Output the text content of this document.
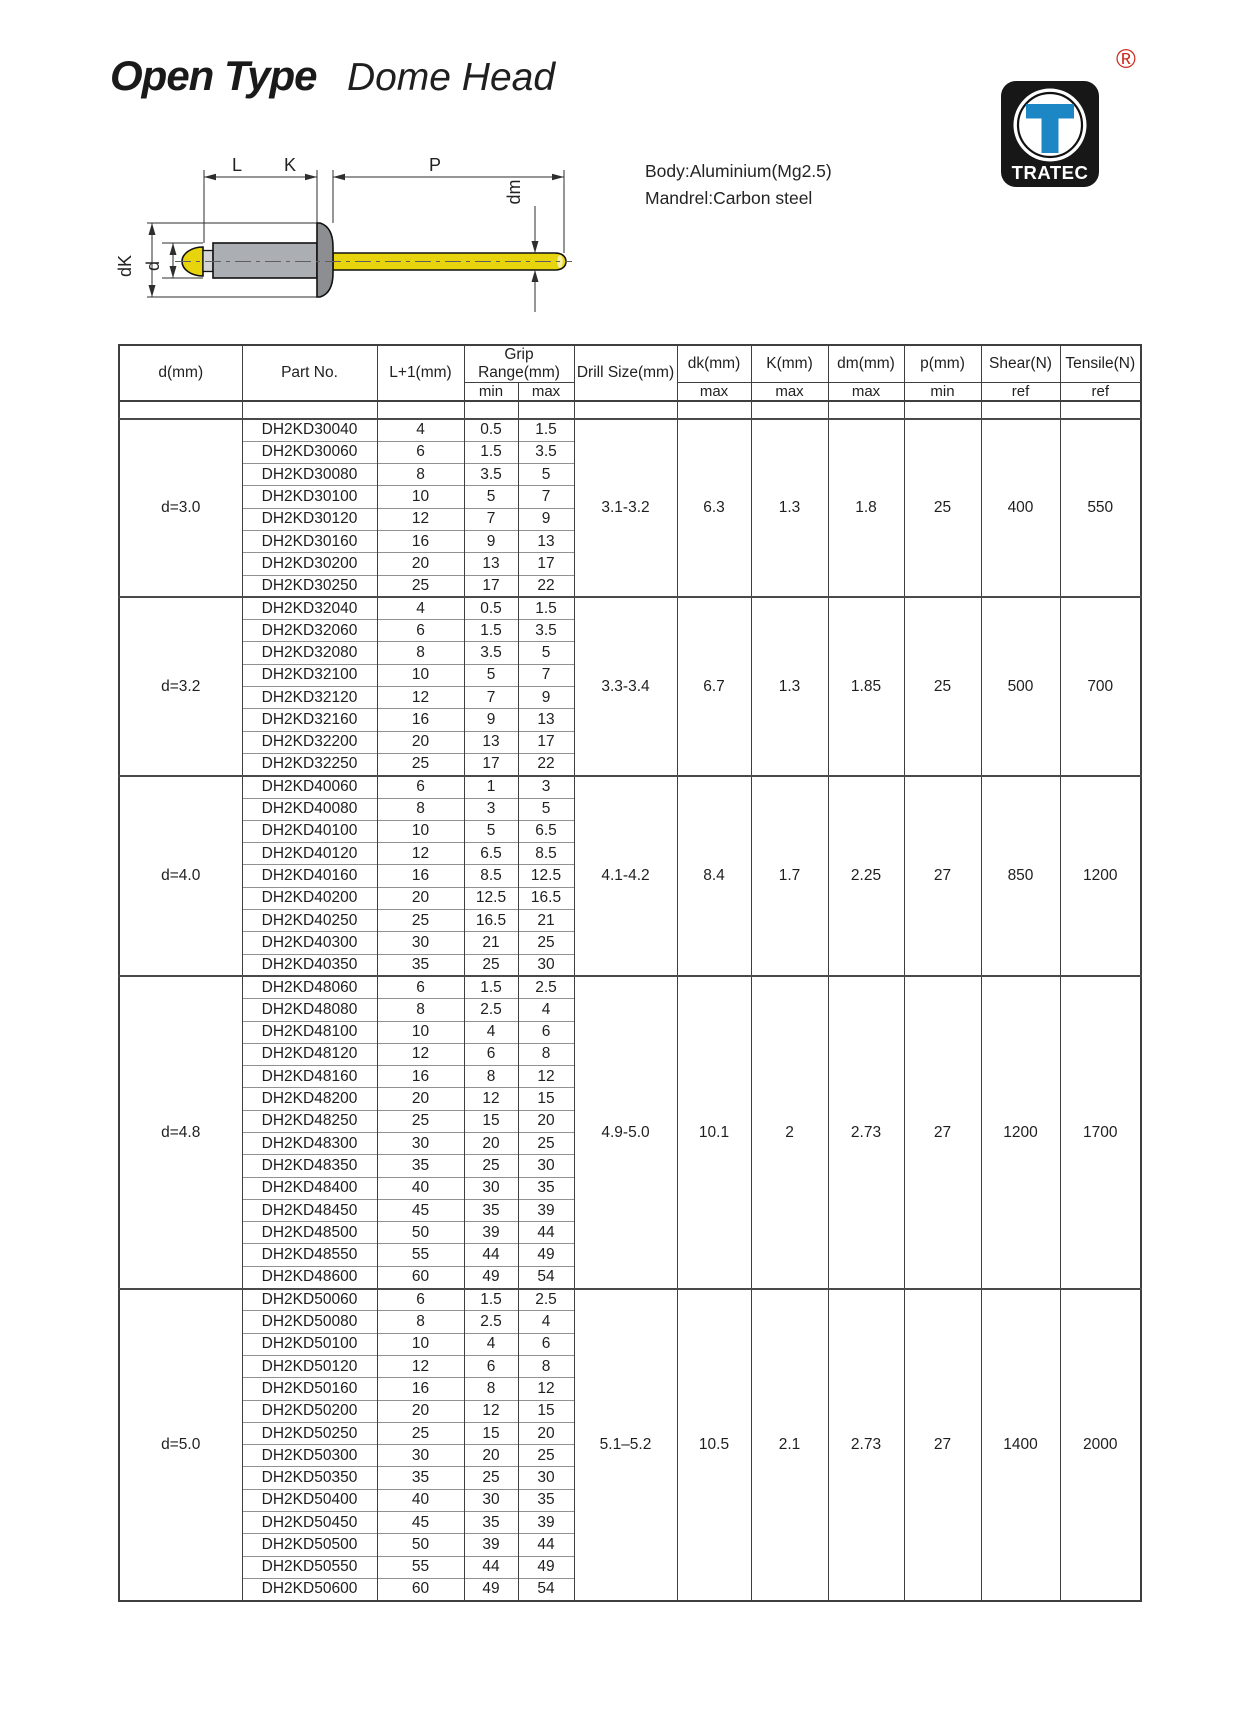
Open Type Dome Head	®
Body:Aluminium(Mg2.5)
Mandrel:Carbon steel
L K	P
dm
dK d
TRATEC
d(mm)	Part No.	L+1(mm)	Grip Range(mm)		Drill Size(mm)	dk(mm)	K(mm)	dm(mm)	p(mm)	Shear(N)	Tensile(N)
			min	max		max	max	max	min	ref	ref

d=3.0	DH2KD30040	4	0.5	1.5	3.1-3.2	6.3	1.3	1.8	25	400	550
	DH2KD30060	6	1.5	3.5							
	DH2KD30080	8	3.5	5							
	DH2KD30100	10	5	7							
	DH2KD30120	12	7	9							
	DH2KD30160	16	9	13							
	DH2KD30200	20	13	17							
	DH2KD30250	25	17	22							
d=3.2	DH2KD32040	4	0.5	1.5	3.3-3.4	6.7	1.3	1.85	25	500	700
	DH2KD32060	6	1.5	3.5							
	DH2KD32080	8	3.5	5							
	DH2KD32100	10	5	7							
	DH2KD32120	12	7	9							
	DH2KD32160	16	9	13							
	DH2KD32200	20	13	17							
	DH2KD32250	25	17	22							
d=4.0	DH2KD40060	6	1	3	4.1-4.2	8.4	1.7	2.25	27	850	1200
	DH2KD40080	8	3	5							
	DH2KD40100	10	5	6.5							
	DH2KD40120	12	6.5	8.5							
	DH2KD40160	16	8.5	12.5							
	DH2KD40200	20	12.5	16.5							
	DH2KD40250	25	16.5	21							
	DH2KD40300	30	21	25							
	DH2KD40350	35	25	30							
d=4.8	DH2KD48060	6	1.5	2.5	4.9-5.0	10.1	2	2.73	27	1200	1700
	DH2KD48080	8	2.5	4							
	DH2KD48100	10	4	6							
	DH2KD48120	12	6	8							
	DH2KD48160	16	8	12							
	DH2KD48200	20	12	15							
	DH2KD48250	25	15	20							
	DH2KD48300	30	20	25							
	DH2KD48350	35	25	30							
	DH2KD48400	40	30	35							
	DH2KD48450	45	35	39							
	DH2KD48500	50	39	44							
	DH2KD48550	55	44	49							
	DH2KD48600	60	49	54							
d=5.0	DH2KD50060	6	1.5	2.5	5.1–5.2	10.5	2.1	2.73	27	1400	2000
	DH2KD50080	8	2.5	4							
	DH2KD50100	10	4	6							
	DH2KD50120	12	6	8							
	DH2KD50160	16	8	12							
	DH2KD50200	20	12	15							
	DH2KD50250	25	15	20							
	DH2KD50300	30	20	25							
	DH2KD50350	35	25	30							
	DH2KD50400	40	30	35							
	DH2KD50450	45	35	39							
	DH2KD50500	50	39	44							
	DH2KD50550	55	44	49							
	DH2KD50600	60	49	54							
